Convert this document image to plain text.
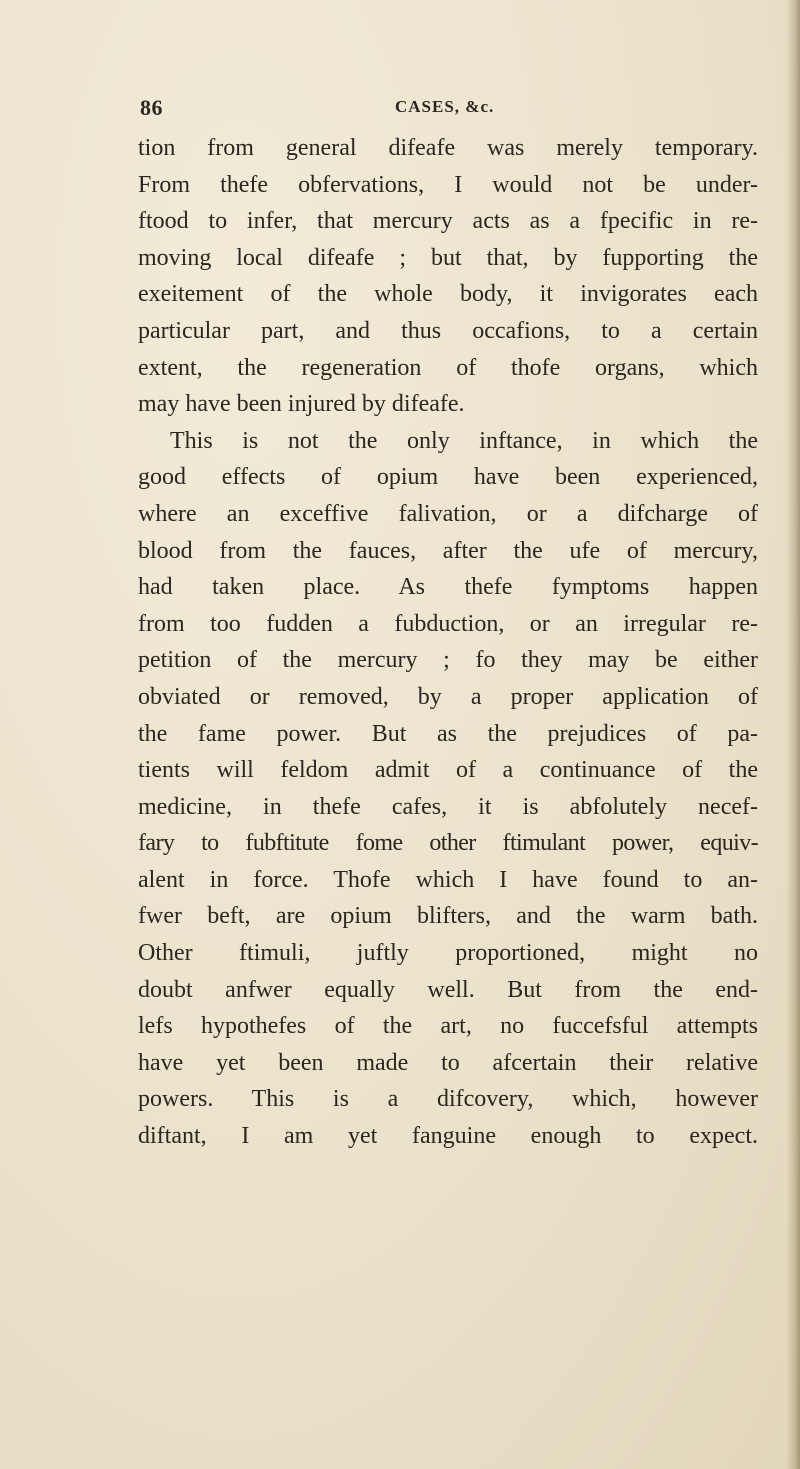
86	CASES, &c.
tion from general difeafe was merely temporary.
From thefe obfervations, I would not be under-
ftood to infer, that mercury acts as a fpecific in re-
moving local difeafe ; but that, by fupporting the
exeitement of the whole body, it invigorates each
particular part, and thus occafions, to a certain
extent, the regeneration of thofe organs, which
may have been injured by difeafe.
This is not the only inftance, in which the
good effects of opium have been experienced,
where an exceffive falivation, or a difcharge of
blood from the fauces, after the ufe of mercury,
had taken place. As thefe fymptoms happen
from too fudden a fubduction, or an irregular re-
petition of the mercury ; fo they may be either
obviated or removed, by a proper application of
the fame power. But as the prejudices of pa-
tients will feldom admit of a continuance of the
medicine, in thefe cafes, it is abfolutely necef-
fary to fubftitute fome other ftimulant power, equiv-
alent in force. Thofe which I have found to an-
fwer beft, are opium blifters, and the warm bath.
Other ftimuli, juftly proportioned, might no
doubt anfwer equally well. But from the end-
lefs hypothefes of the art, no fuccefsful attempts
have yet been made to afcertain their relative
powers. This is a difcovery, which, however
diftant, I am yet fanguine enough to expect.
